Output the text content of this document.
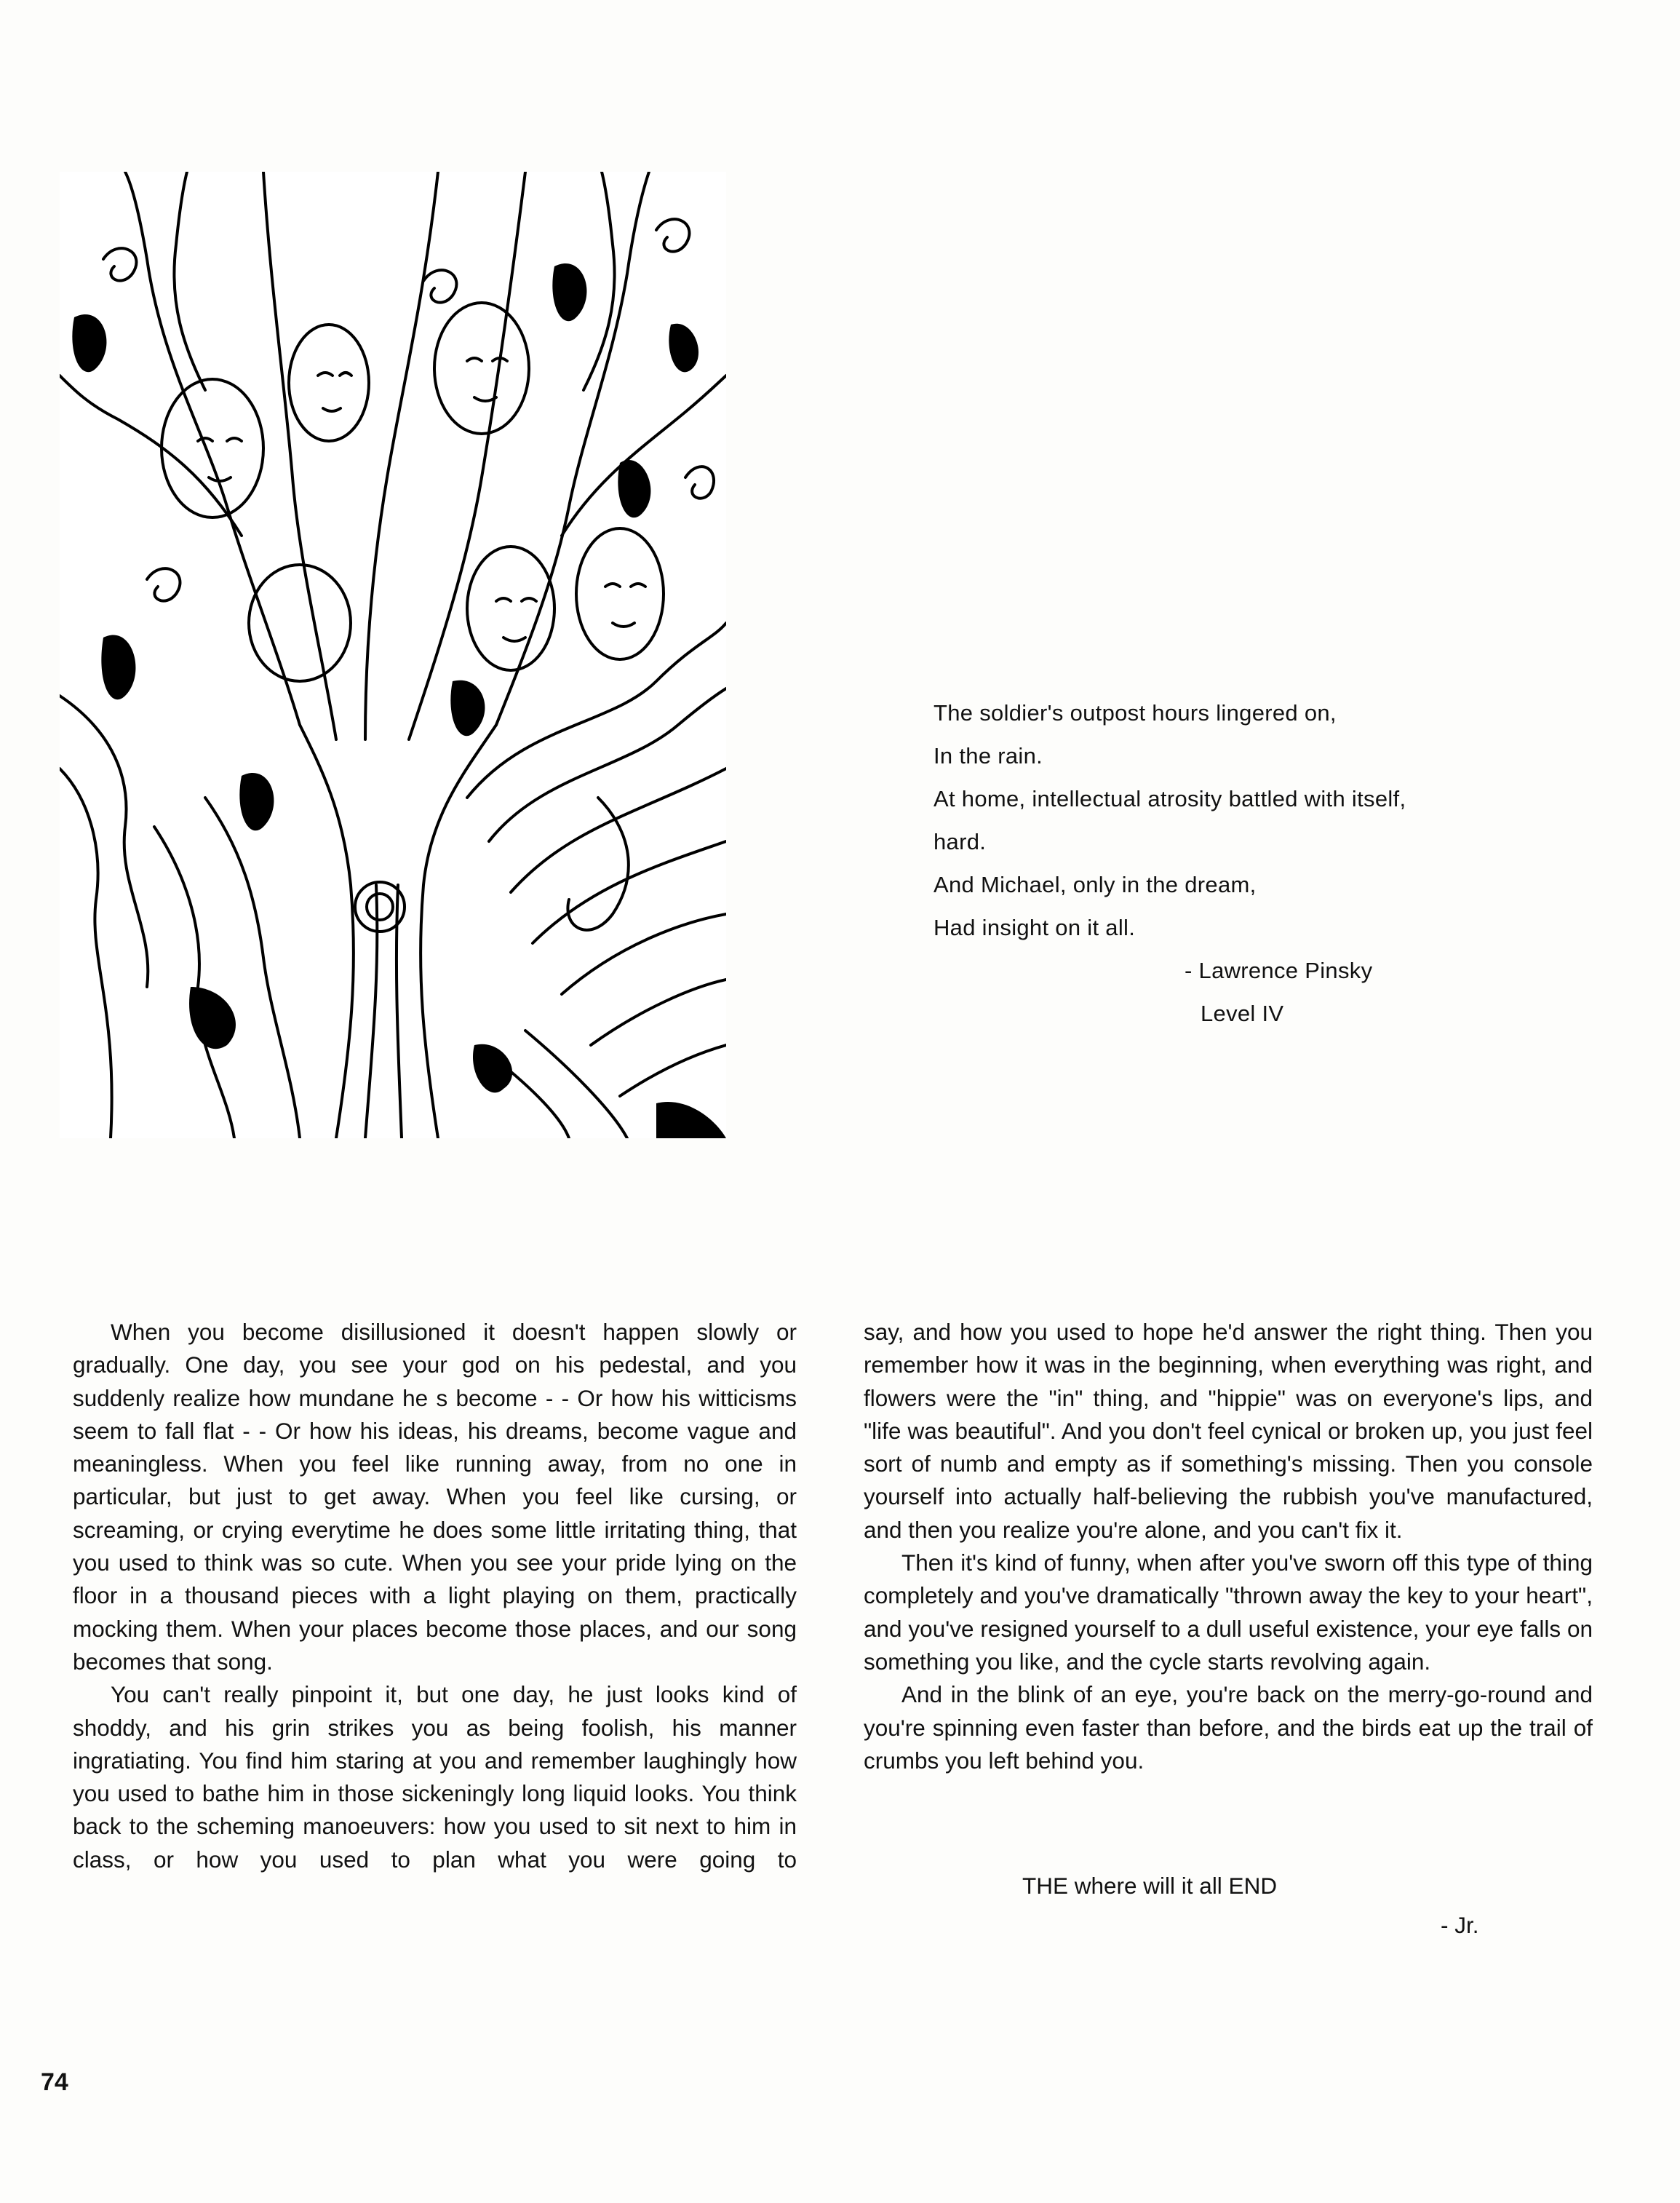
The soldier's outpost hours lingered on,
In the rain.
At home, intellectual atrosity battled with itself,
hard.
And Michael, only in the dream,
Had insight on it all.
- Lawrence Pinsky
Level IV

When you become disillusioned it doesn't happen slowly or gradually. One day, you see your god on his pedestal, and you suddenly realize how mundane he s become - - Or how his witticisms seem to fall flat - - Or how his ideas, his dreams, become vague and meaningless. When you feel like running away, from no one in particular, but just to get away. When you feel like cursing, or screaming, or crying everytime he does some little irritating thing, that you used to think was so cute. When you see your pride lying on the floor in a thousand pieces with a light playing on them, practically mocking them. When your places become those places, and our song becomes that song.

You can't really pinpoint it, but one day, he just looks kind of shoddy, and his grin strikes you as being foolish, his manner ingratiating. You find him staring at you and remember laughingly how you used to bathe him in those sickeningly long liquid looks. You think back to the scheming manoeuvers: how you used to sit next to him in class, or how you used to plan what you were going to

say, and how you used to hope he'd answer the right thing. Then you remember how it was in the beginning, when everything was right, and flowers were the "in" thing, and "hippie" was on everyone's lips, and "life was beautiful". And you don't feel cynical or broken up, you just feel sort of numb and empty as if something's missing. Then you console yourself into actually half-believing the rubbish you've manufactured, and then you realize you're alone, and you can't fix it.

Then it's kind of funny, when after you've sworn off this type of thing completely and you've dramatically "thrown away the key to your heart", and you've resigned yourself to a dull useful existence, your eye falls on something you like, and the cycle starts revolving again.

And in the blink of an eye, you're back on the merry-go-round and you're spinning even faster than before, and the birds eat up the trail of crumbs you left behind you.

THE where will it all END
- Jr.
74
